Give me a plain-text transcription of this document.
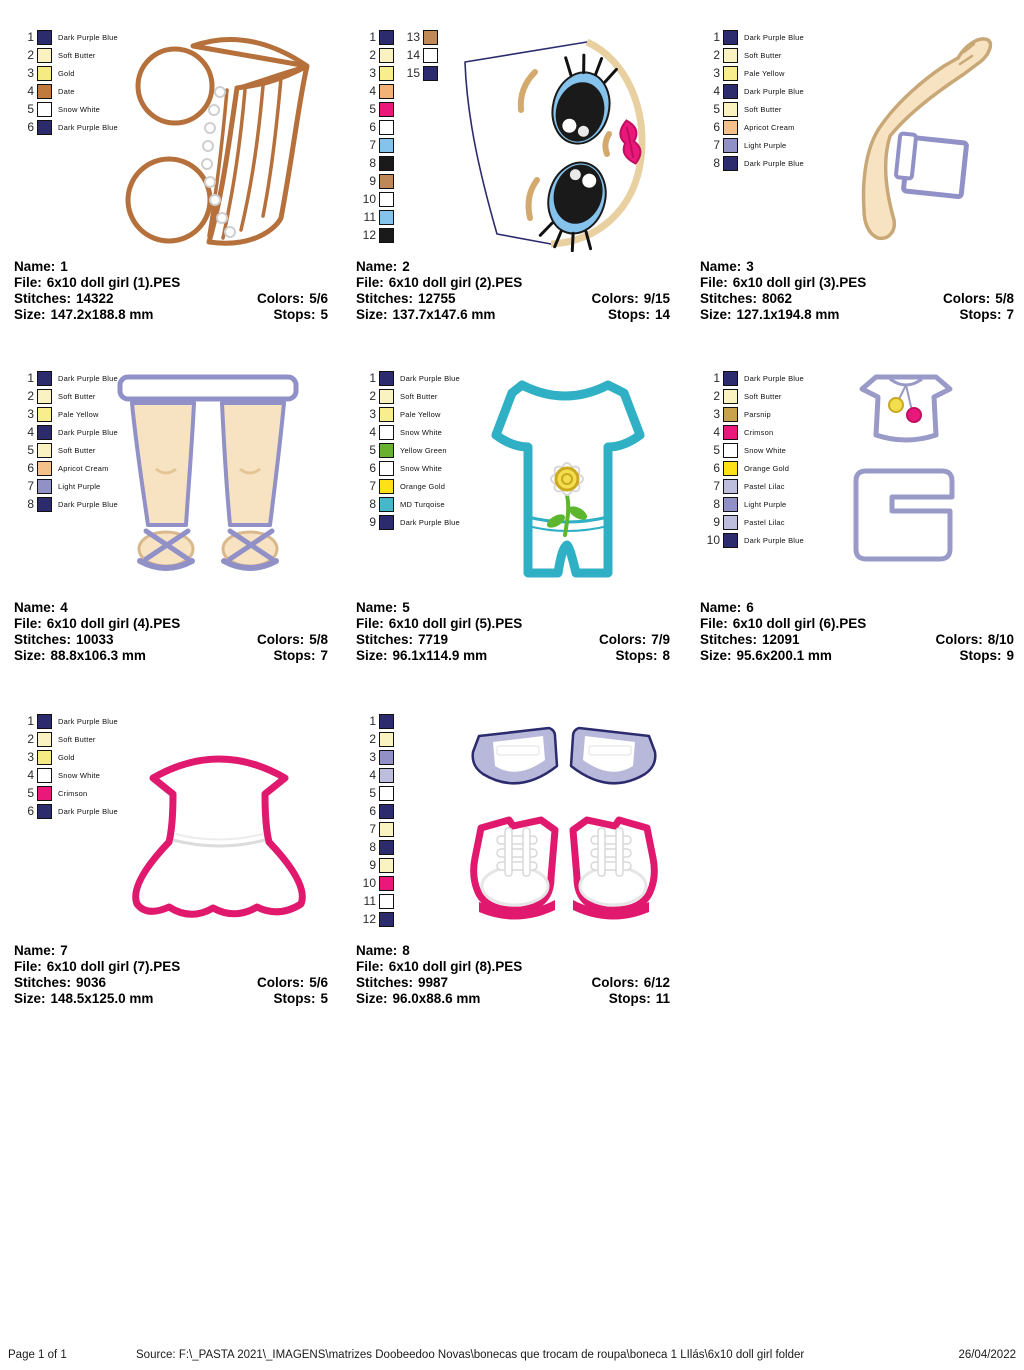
1	Dark Purple Blue
2	Soft Butter
3	Gold
4	Date
5	Snow White
6	Dark Purple Blue
Name: 1
File: 6x10 doll girl (1).PES
Stitches: 14322	Colors: 5/6
Size: 147.2x188.8 mm	Stops: 5
1
2
3
4
5
6
7
8
9
10
11
12
13
14
15
Name: 2
File: 6x10 doll girl (2).PES
Stitches: 12755	Colors: 9/15
Size: 137.7x147.6 mm	Stops: 14
1	Dark Purple Blue
2	Soft Butter
3	Pale Yellow
4	Dark Purple Blue
5	Soft Butter
6	Apricot Cream
7	Light Purple
8	Dark Purple Blue
Name: 3
File: 6x10 doll girl (3).PES
Stitches: 8062	Colors: 5/8
Size: 127.1x194.8 mm	Stops: 7
1	Dark Purple Blue
2	Soft Butter
3	Pale Yellow
4	Dark Purple Blue
5	Soft Butter
6	Apricot Cream
7	Light Purple
8	Dark Purple Blue
Name: 4
File: 6x10 doll girl (4).PES
Stitches: 10033	Colors: 5/8
Size: 88.8x106.3 mm	Stops: 7
1	Dark Purple Blue
2	Soft Butter
3	Pale Yellow
4	Snow White
5	Yellow Green
6	Snow White
7	Orange Gold
8	MD Turqoise
9	Dark Purple Blue
Name: 5
File: 6x10 doll girl (5).PES
Stitches: 7719	Colors: 7/9
Size: 96.1x114.9 mm	Stops: 8
1	Dark Purple Blue
2	Soft Butter
3	Parsnip
4	Crimson
5	Snow White
6	Orange Gold
7	Pastel Lilac
8	Light Purple
9	Pastel Lilac
10	Dark Purple Blue
Name: 6
File: 6x10 doll girl (6).PES
Stitches: 12091	Colors: 8/10
Size: 95.6x200.1 mm	Stops: 9
1	Dark Purple Blue
2	Soft Butter
3	Gold
4	Snow White
5	Crimson
6	Dark Purple Blue
Name: 7
File: 6x10 doll girl (7).PES
Stitches: 9036	Colors: 5/6
Size: 148.5x125.0 mm	Stops: 5
1
2
3
4
5
6
7
8
9
10
11
12
Name: 8
File: 6x10 doll girl (8).PES
Stitches: 9987	Colors: 6/12
Size: 96.0x88.6 mm	Stops: 11
Page 1 of 1	Source: F:\_PASTA 2021\_IMAGENS\matrizes Doobeedoo Novas\bonecas que trocam de roupa\boneca 1 LIlás\6x10 doll girl folder	26/04/2022
